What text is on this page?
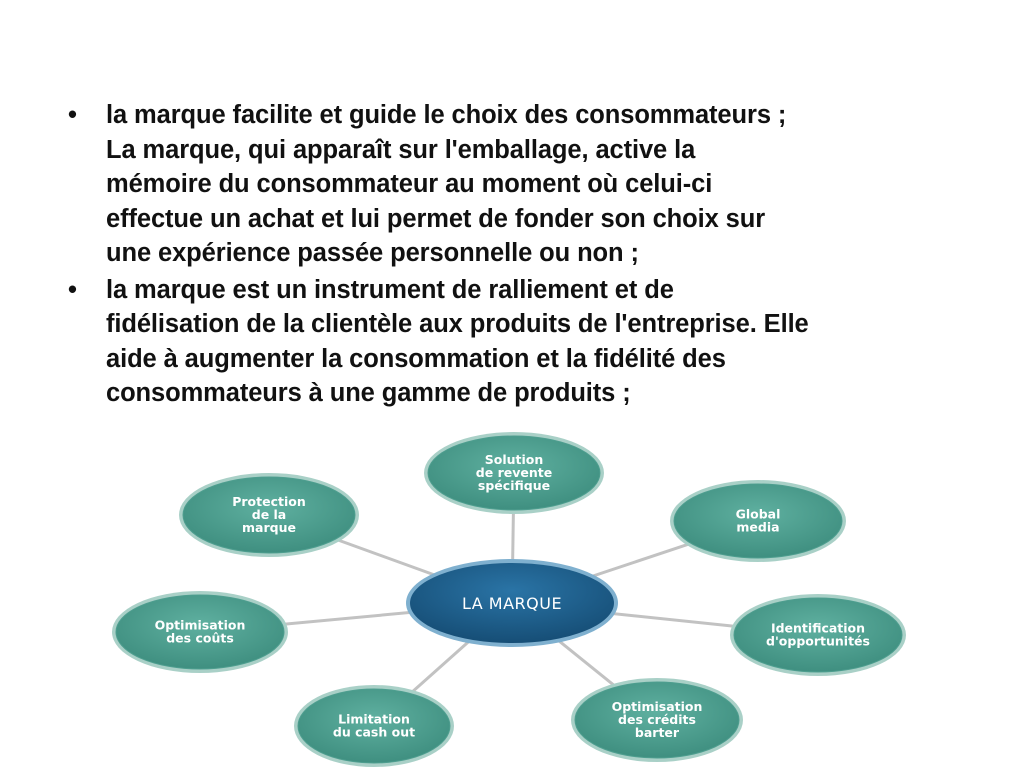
• la marque facilite et guide le choix des consommateurs ;
La marque, qui apparaît sur l'emballage, active la
mémoire du consommateur au moment où celui-ci
effectue un achat et lui permet de fonder son choix sur
une expérience passée personnelle ou non ;
• la marque est un instrument de ralliement et de
fidélisation de la clientèle aux produits de l'entreprise. Elle
aide à augmenter la consommation et la fidélité des
consommateurs à une gamme de produits ;
Solution
de revente
spécifique
Global
media
Identification
d'opportunités
Optimisation
des crédits
barter
Limitation
du cash out
Optimisation
des coûts
Protection
de la
marque
LA MARQUE
